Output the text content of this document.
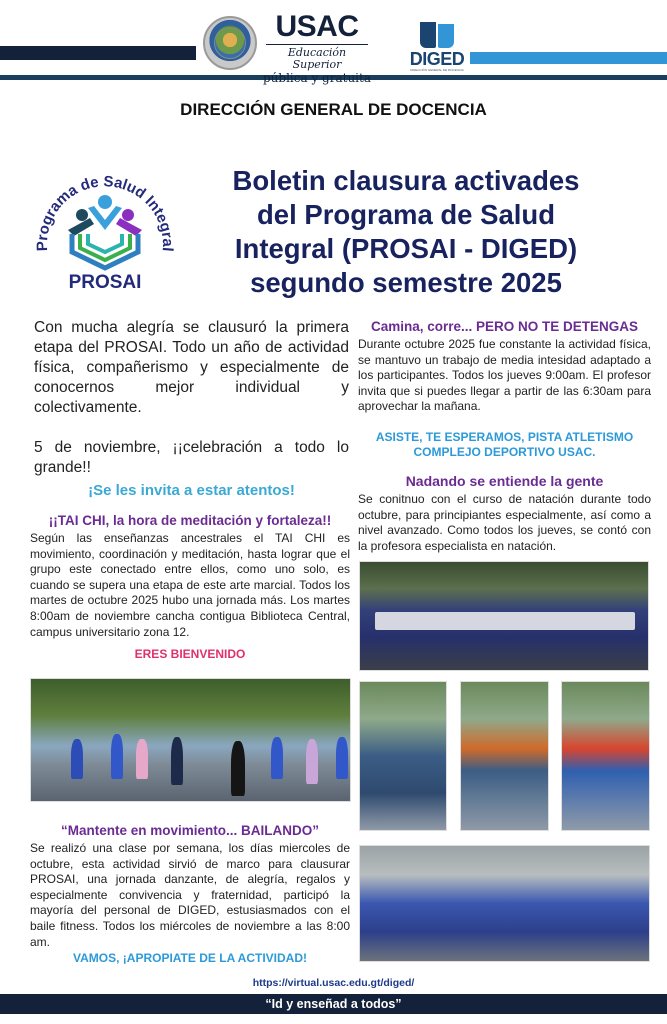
USAC
Educación Superior
pública y gratuita
DIGED
DIRECCIÓN GENERAL DE DOCENCIA
DIRECCIÓN GENERAL DE DOCENCIA
Programa de Salud Integral
PROSAI
Boletin clausura activades
del Programa de Salud
Integral (PROSAI - DIGED)
segundo semestre 2025

Con mucha alegría se clausuró la primera etapa del PROSAI. Todo un año de actividad física, compañerismo y especialmente de conocernos mejor individual y colectivamente.

5 de noviembre, ¡¡celebración a todo lo grande!!

¡Se les invita a estar atentos!
¡¡TAI CHI, la hora de meditación y fortaleza!!
Según las enseñanzas ancestrales el TAI CHI es movimiento, coordinación y meditación, hasta lograr que el grupo este conectado entre ellos, como uno solo, es cuando se supera una etapa de este arte marcial. Todos los martes de octubre 2025 hubo una jornada más. Los martes 8:00am de noviembre cancha contigua Biblioteca Central, campus universitario zona 12.
ERES BIENVENIDO
“Mantente en movimiento... BAILANDO”
Se realizó una clase por semana, los días miercoles de octubre, esta actividad sirvió de marco para clausurar PROSAI, una jornada danzante, de alegría, regalos y especialmente convivencia y fraternidad, participó la mayoría del personal de DIGED, estusiasmados con el baile fitness. Todos los miércoles de noviembre a las 8:00 am.
VAMOS, ¡APROPIATE DE LA ACTIVIDAD!
Camina, corre... PERO NO TE DETENGAS
Durante octubre 2025 fue constante la actividad física, se mantuvo un trabajo de media intesidad adaptado a los participantes. Todos los jueves 9:00am. El profesor invita que si puedes llegar a partir de las 6:30am para aprovechar la mañana.
ASISTE, TE ESPERAMOS, PISTA ATLETISMO
COMPLEJO DEPORTIVO USAC.
Nadando se entiende la gente
Se conitnuo con el curso de natación durante todo octubre, para principiantes especialmente, así como a nivel avanzado. Como todos los jueves, se contó con la profesora especialista en natación.
https://virtual.usac.edu.gt/diged/
“Id y enseñad a todos”
